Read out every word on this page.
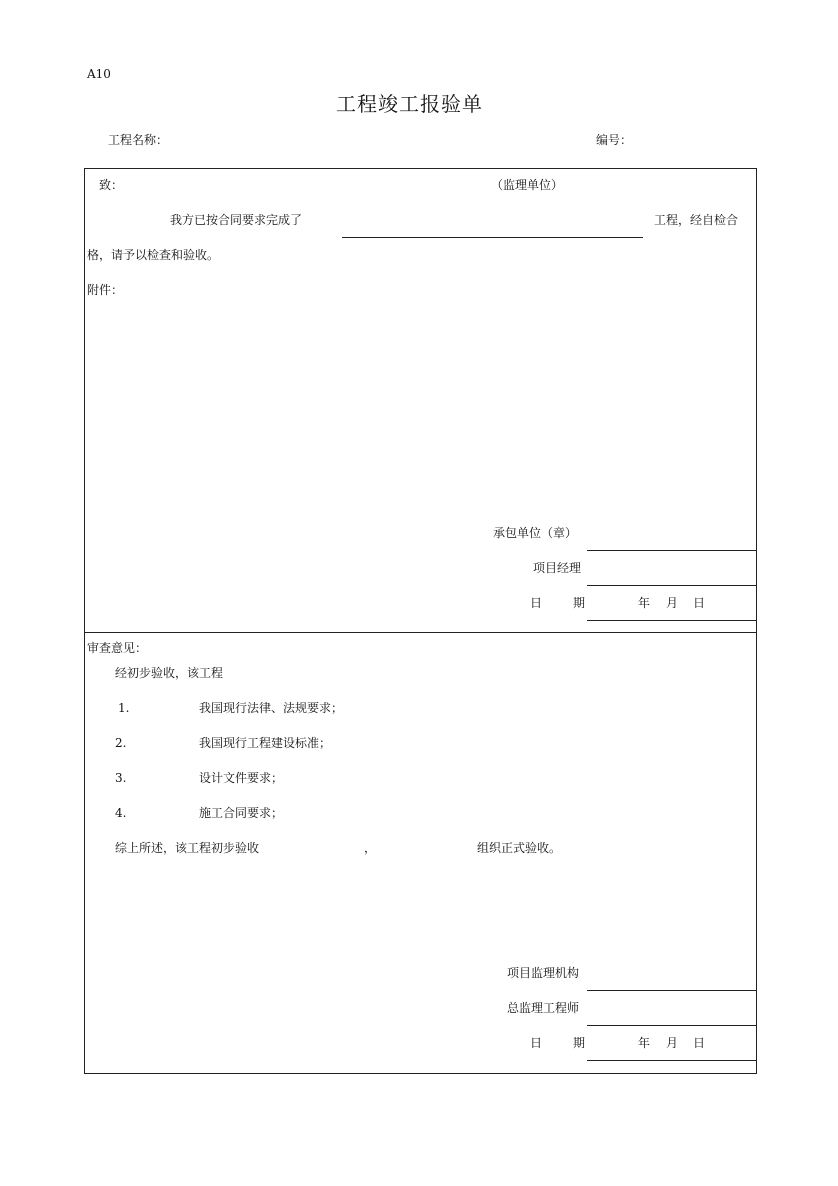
A10
工程竣工报验单
工程名称：	编号：
致：	（监理单位）
我方已按合同要求完成了	工程，经自检合
格，请予以检查和验收。
附件：
承包单位（章）
项目经理
日	期	年 月 日
审查意见：
经初步验收，该工程
1.	我国现行法律、法规要求；
2.	我国现行工程建设标准；
3.	设计文件要求；
4.	施工合同要求；
综上所述，该工程初步验收	，	组织正式验收。
项目监理机构
总监理工程师
日	期	年 月 日
